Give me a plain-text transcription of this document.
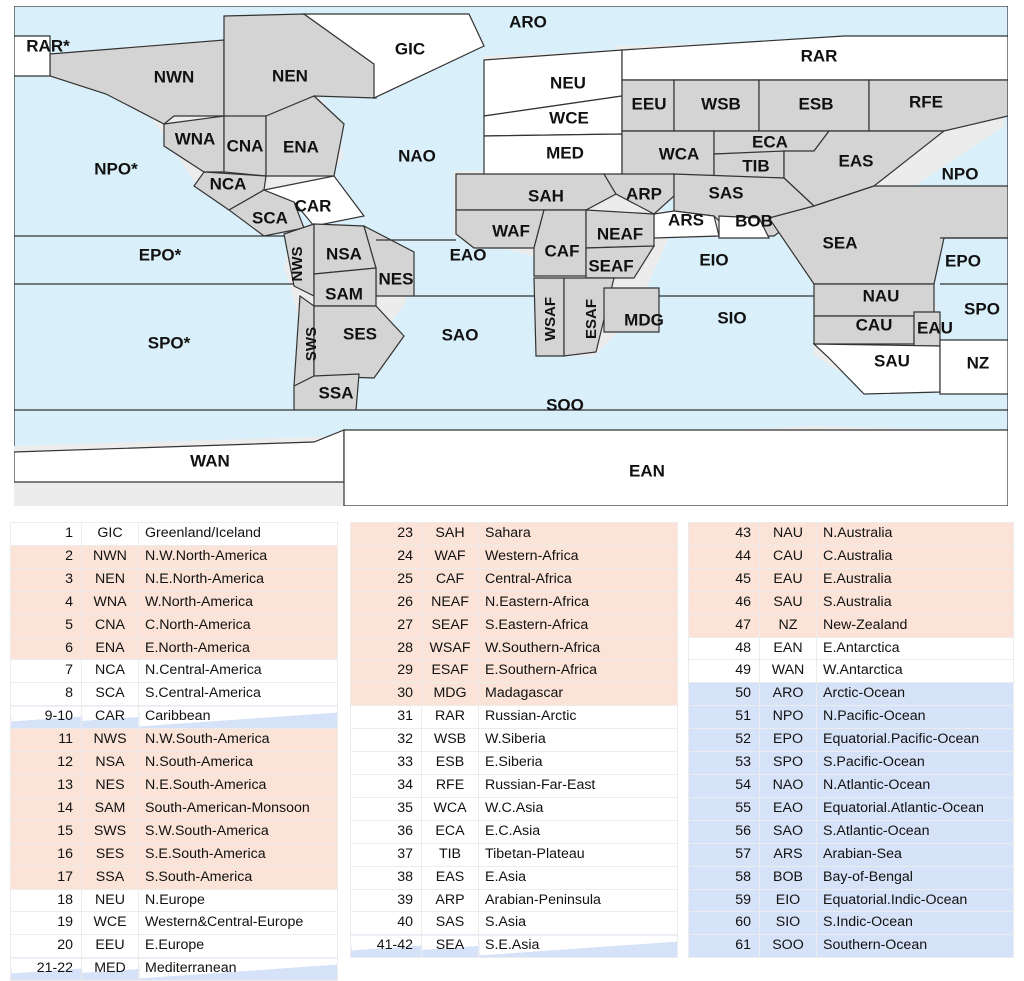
ARO
RAR*	GIC
NWN	NEN	NEU
RAR
WCE
EEU WSB	ESB	RFE
WNA CNA ENA	NAO	MED	WCA
ECA
TIB	EAS
NPO*	NPO
NCA
SCA
CAR
SAH	ARP	SAS
ARS BOB
WAF	NEAF	SEA
EPO*	NWS NSA	EAO	CAF	EIO	EPO
NES
SEAF
SAM	NAU
SPO
SPO*	SES	SAO	WSAF ESAF MDG	SIO	CAU EAU
SWS	SAU	NZ
SSA
SOO
WAN
EAN
1	GIC	Greenland/Iceland
2	NWN	N.W.North-America
3	NEN	N.E.North-America
4	WNA	W.North-America
5	CNA	C.North-America
6	ENA	E.North-America
7	NCA	N.Central-America
8	SCA	S.Central-America
9-10	CAR	Caribbean
11	NWS	N.W.South-America
12	NSA	N.South-America
13	NES	N.E.South-America
14	SAM	South-American-Monsoon
15	SWS	S.W.South-America
16	SES	S.E.South-America
17	SSA	S.South-America
18	NEU	N.Europe
19	WCE	Western&Central-Europe
20	EEU	E.Europe
21-22	MED	Mediterranean
23	SAH	Sahara
24	WAF	Western-Africa
25	CAF	Central-Africa
26	NEAF	N.Eastern-Africa
27	SEAF	S.Eastern-Africa
28	WSAF	W.Southern-Africa
29	ESAF	E.Southern-Africa
30	MDG	Madagascar
31	RAR	Russian-Arctic
32	WSB	W.Siberia
33	ESB	E.Siberia
34	RFE	Russian-Far-East
35	WCA	W.C.Asia
36	ECA	E.C.Asia
37	TIB	Tibetan-Plateau
38	EAS	E.Asia
39	ARP	Arabian-Peninsula
40	SAS	S.Asia
41-42	SEA	S.E.Asia
43	NAU	N.Australia
44	CAU	C.Australia
45	EAU	E.Australia
46	SAU	S.Australia
47	NZ	New-Zealand
48	EAN	E.Antarctica
49	WAN	W.Antarctica
50	ARO	Arctic-Ocean
51	NPO	N.Pacific-Ocean
52	EPO	Equatorial.Pacific-Ocean
53	SPO	S.Pacific-Ocean
54	NAO	N.Atlantic-Ocean
55	EAO	Equatorial.Atlantic-Ocean
56	SAO	S.Atlantic-Ocean
57	ARS	Arabian-Sea
58	BOB	Bay-of-Bengal
59	EIO	Equatorial.Indic-Ocean
60	SIO	S.Indic-Ocean
61	SOO	Southern-Ocean
